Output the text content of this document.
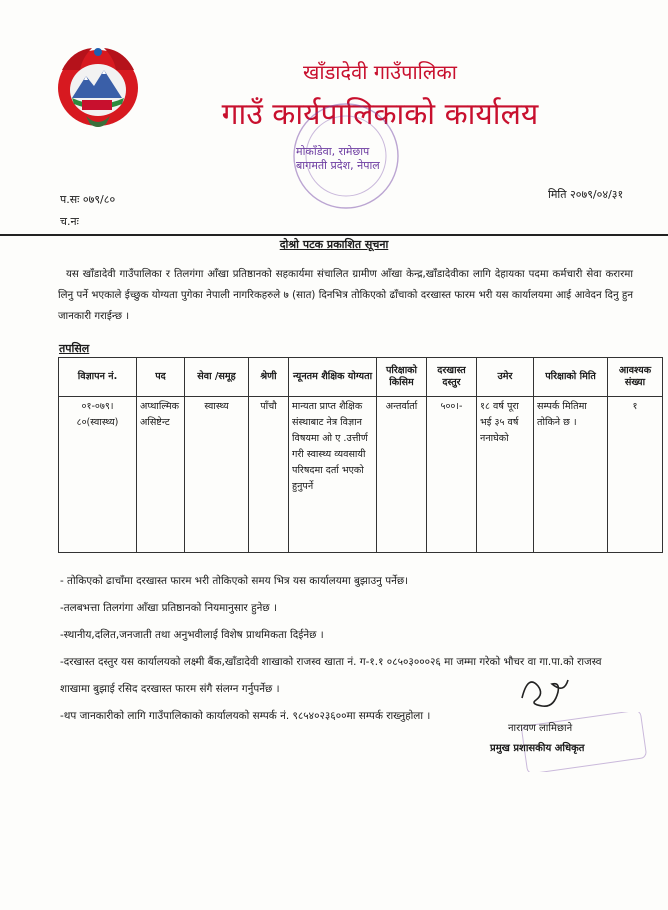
खाँडादेवी गाउँपालिका
गाउँ कार्यपालिकाको कार्यालय
मोकाँडेवा, रामेछाप
बागमती प्रदेश, नेपाल
प.सः ०७९/८०
च.नः
मिति २०७९/०४/३१
दोश्रो पटक प्रकाशित सूचना
यस खाँडादेवी गाउँपालिका र तिलगंगा आँखा प्रतिष्ठानको सहकार्यमा संचालित ग्रामीण आँखा केन्द्र,खाँडादेवीका लागि देहायका पदमा कर्मचारी सेवा करारमा लिनु पर्ने भएकाले ईच्छुक योग्यता पुगेका नेपाली नागरिकहरुले ७ (सात) दिनभित्र तोकिएको ढाँचाको दरखास्त फारम भरी यस कार्यालयमा आई आवेदन दिनु हुन जानकारी गराईन्छ ।
तपसिल
विज्ञापन नं.	पद	सेवा /समूह	श्रेणी	न्यूनतम शैक्षिक योग्यता	परिक्षाको किसिम	दरखास्त दस्तुर	उमेर	परिक्षाको मिति	आवश्यक संख्या
०१-०७९।८०(स्वास्थ्य)	अप्थाल्मिक असिष्टेन्ट	स्वास्थ्य	पाँचौ	मान्यता प्राप्त शैक्षिक संस्थाबाट नेत्र विज्ञान विषयमा ओ ए .उत्तीर्ण गरी स्वास्थ्य व्यवसायी परिषदमा दर्ता भएको हुनुपर्ने	अन्तर्वार्ता	५००।-	१८ वर्ष पूरा भई ३५ वर्ष ननाघेको	सम्पर्क मितिमा तोकिने छ ।	१
- तोकिएको ढाचाँमा दरखास्त फारम भरी तोकिएको समय भित्र यस कार्यालयमा बुझाउनु पर्नेछ।
-तलबभत्ता तिलगंगा आँखा प्रतिष्ठानको नियमानुसार हुनेछ ।
-स्थानीय,दलित,जनजाती तथा अनुभवीलाई विशेष प्राथमिकता दिईनेछ ।
-दरखास्त दस्तुर यस कार्यालयको लक्ष्मी बैंक,खाँडादेवी शाखाको राजस्व खाता नं. ग-१.१ ०८५०३०००२६ मा जम्मा गरेको भौचर वा गा.पा.को राजस्व शाखामा बुझाई रसिद दरखास्त फारम संगै संलग्न गर्नुपर्नेछ ।
-थप जानकारीको लागि गाउँपालिकाको कार्यालयको सम्पर्क नं. ९८५४०२३६००मा सम्पर्क राख्नुहोला ।
नारायण लामिछाने
प्रमुख प्रशासकीय अधिकृत
